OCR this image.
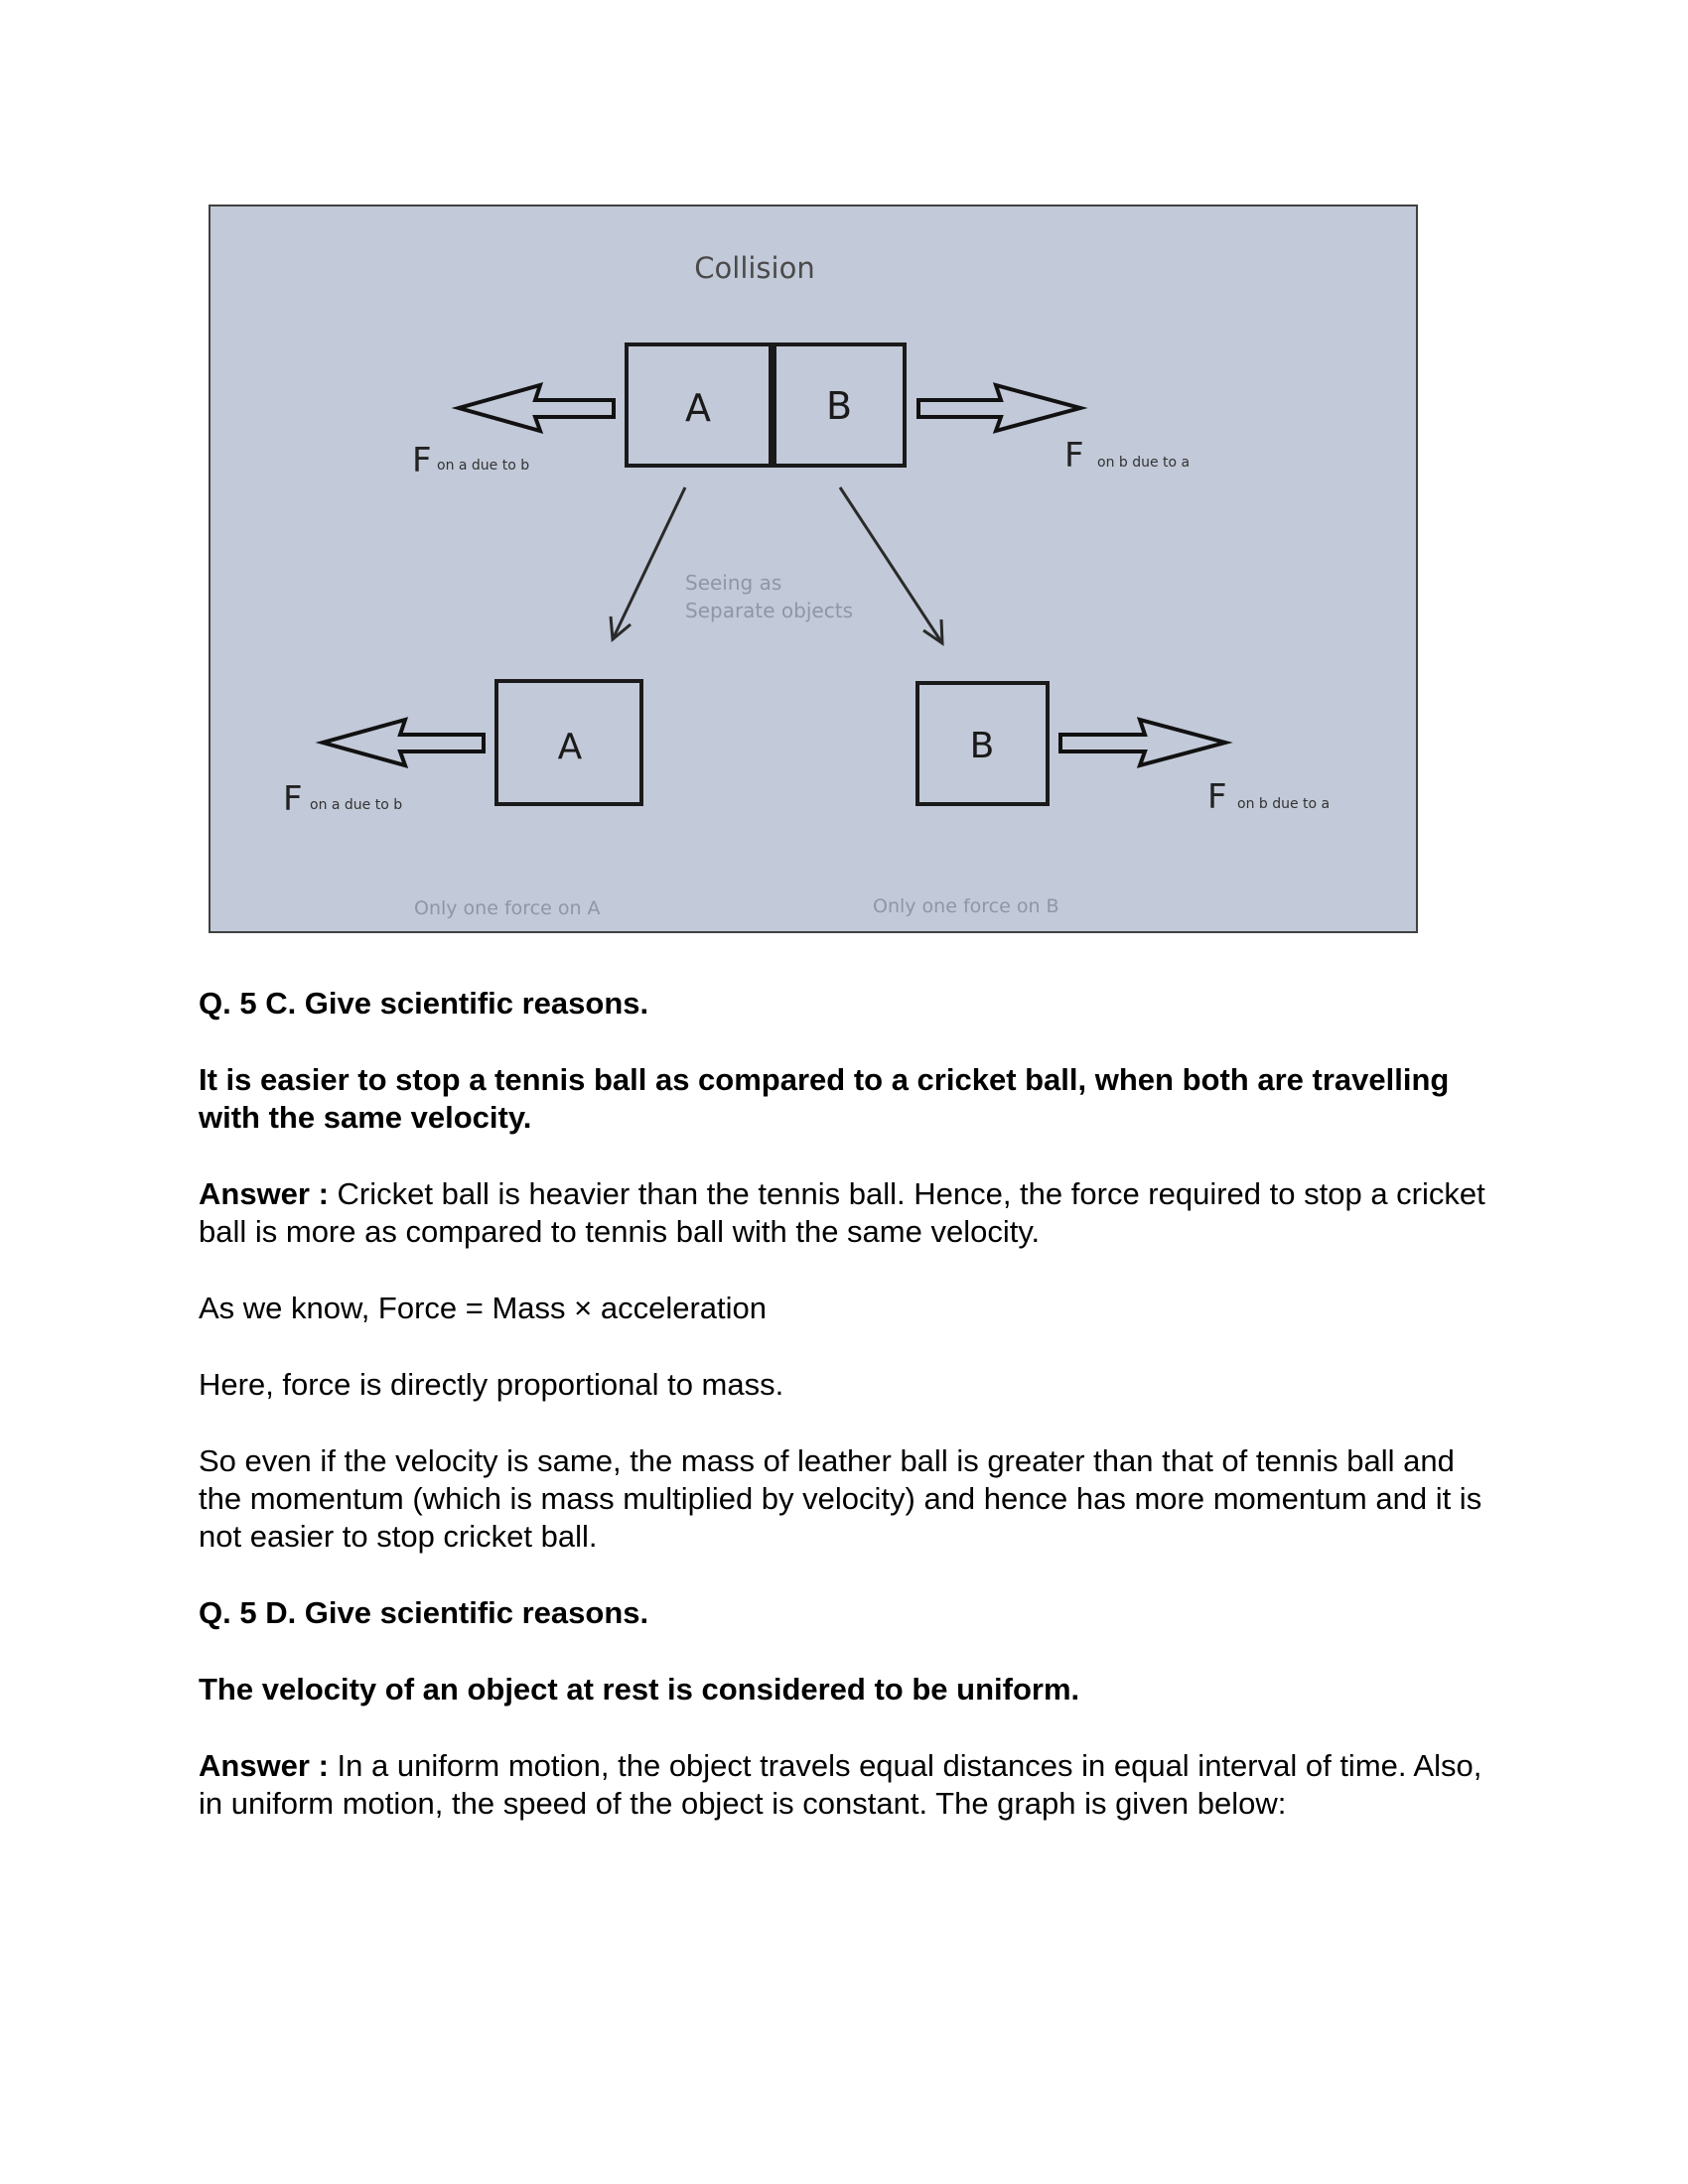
Collision
A	B
F on a due to b	F on b due to a
Seeing as
Separate objects
A
F on a due to b
B
F on b due to a
Only one force on A	Only one force on B

Q. 5 C. Give scientific reasons.

It is easier to stop a tennis ball as compared to a cricket ball, when both are travelling with the same velocity.

Answer : Cricket ball is heavier than the tennis ball. Hence, the force required to stop a cricket ball is more as compared to tennis ball with the same velocity.

As we know, Force = Mass × acceleration

Here, force is directly proportional to mass.

So even if the velocity is same, the mass of leather ball is greater than that of tennis ball and the momentum (which is mass multiplied by velocity) and hence has more momentum and it is not easier to stop cricket ball.

Q. 5 D. Give scientific reasons.

The velocity of an object at rest is considered to be uniform.

Answer : In a uniform motion, the object travels equal distances in equal interval of time. Also, in uniform motion, the speed of the object is constant. The graph is given below:
